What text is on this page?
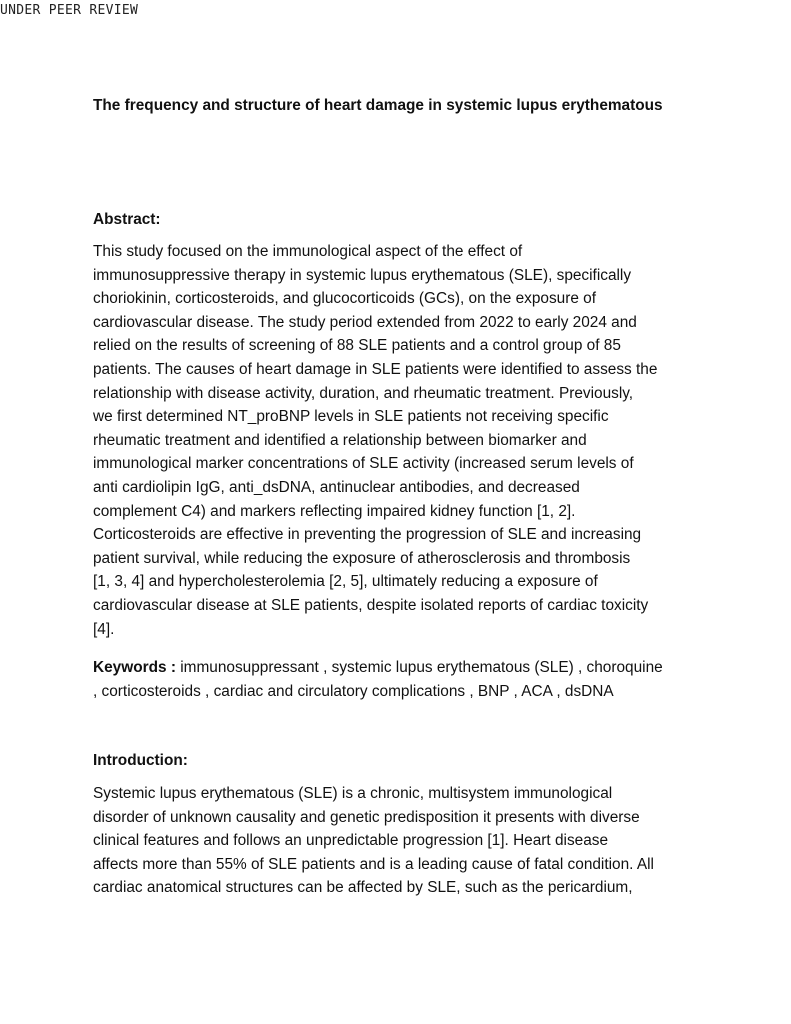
UNDER PEER REVIEW
The frequency and structure of heart damage in systemic lupus erythematous
Abstract:
This study focused on the immunological aspect of the effect of
immunosuppressive therapy in systemic lupus erythematous (SLE), specifically
choriokinin, corticosteroids, and glucocorticoids (GCs), on the exposure of
cardiovascular disease. The study period extended from 2022 to early 2024 and
relied on the results of screening of 88 SLE patients and a control group of 85
patients. The causes of heart damage in SLE patients were identified to assess the
relationship with disease activity, duration, and rheumatic treatment. Previously,
we first determined NT_proBNP levels in SLE patients not receiving specific
rheumatic treatment and identified a relationship between biomarker and
immunological marker concentrations of SLE activity (increased serum levels of
anti cardiolipin IgG, anti_dsDNA, antinuclear antibodies, and decreased
complement C4) and markers reflecting impaired kidney function [1, 2].
Corticosteroids are effective in preventing the progression of SLE and increasing
patient survival, while reducing the exposure of atherosclerosis and thrombosis
[1, 3, 4] and hypercholesterolemia [2, 5], ultimately reducing a exposure of
cardiovascular disease at SLE patients, despite isolated reports of cardiac toxicity
[4].
Keywords : immunosuppressant , systemic lupus erythematous (SLE) , choroquine
, corticosteroids , cardiac and circulatory complications , BNP , ACA , dsDNA
Introduction:
Systemic lupus erythematous (SLE) is a chronic, multisystem immunological
disorder of unknown causality and genetic predisposition it presents with diverse
clinical features and follows an unpredictable progression [1]. Heart disease
affects more than 55% of SLE patients and is a leading cause of fatal condition. All
cardiac anatomical structures can be affected by SLE, such as the pericardium,
